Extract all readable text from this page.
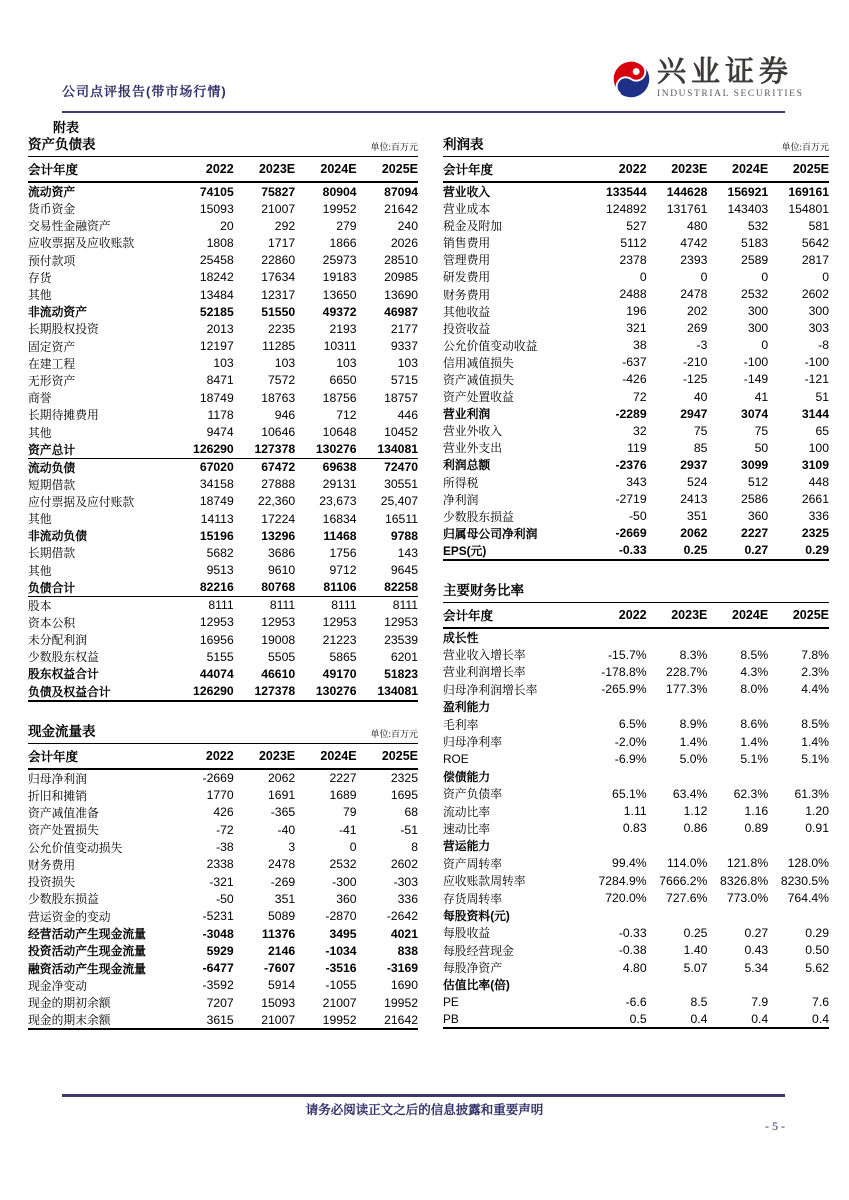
公司点评报告(带市场行情)
兴业证券
INDUSTRIAL SECURITIES
附表
资产负债表	单位:百万元
会计年度	2022	2023E	2024E	2025E
流动资产	74105	75827	80904	87094
货币资金	15093	21007	19952	21642
交易性金融资产	20	292	279	240
应收票据及应收账款	1808	1717	1866	2026
预付款项	25458	22860	25973	28510
存货	18242	17634	19183	20985
其他	13484	12317	13650	13690
非流动资产	52185	51550	49372	46987
长期股权投资	2013	2235	2193	2177
固定资产	12197	11285	10311	9337
在建工程	103	103	103	103
无形资产	8471	7572	6650	5715
商誉	18749	18763	18756	18757
长期待摊费用	1178	946	712	446
其他	9474	10646	10648	10452
资产总计	126290	127378	130276	134081
流动负债	67020	67472	69638	72470
短期借款	34158	27888	29131	30551
应付票据及应付账款	18749	22,360	23,673	25,407
其他	14113	17224	16834	16511
非流动负债	15196	13296	11468	9788
长期借款	5682	3686	1756	143
其他	9513	9610	9712	9645
负债合计	82216	80768	81106	82258
股本	8111	8111	8111	8111
资本公积	12953	12953	12953	12953
未分配利润	16956	19008	21223	23539
少数股东权益	5155	5505	5865	6201
股东权益合计	44074	46610	49170	51823
负债及权益合计	126290	127378	130276	134081
现金流量表	单位:百万元
会计年度	2022	2023E	2024E	2025E
归母净利润	-2669	2062	2227	2325
折旧和摊销	1770	1691	1689	1695
资产减值准备	426	-365	79	68
资产处置损失	-72	-40	-41	-51
公允价值变动损失	-38	3	0	8
财务费用	2338	2478	2532	2602
投资损失	-321	-269	-300	-303
少数股东损益	-50	351	360	336
营运资金的变动	-5231	5089	-2870	-2642
经营活动产生现金流量	-3048	11376	3495	4021
投资活动产生现金流量	5929	2146	-1034	838
融资活动产生现金流量	-6477	-7607	-3516	-3169
现金净变动	-3592	5914	-1055	1690
现金的期初余额	7207	15093	21007	19952
现金的期末余额	3615	21007	19952	21642
利润表	单位:百万元
会计年度	2022	2023E	2024E	2025E
营业收入	133544	144628	156921	169161
营业成本	124892	131761	143403	154801
税金及附加	527	480	532	581
销售费用	5112	4742	5183	5642
管理费用	2378	2393	2589	2817
研发费用	0	0	0	0
财务费用	2488	2478	2532	2602
其他收益	196	202	300	300
投资收益	321	269	300	303
公允价值变动收益	38	-3	0	-8
信用减值损失	-637	-210	-100	-100
资产减值损失	-426	-125	-149	-121
资产处置收益	72	40	41	51
营业利润	-2289	2947	3074	3144
营业外收入	32	75	75	65
营业外支出	119	85	50	100
利润总额	-2376	2937	3099	3109
所得税	343	524	512	448
净利润	-2719	2413	2586	2661
少数股东损益	-50	351	360	336
归属母公司净利润	-2669	2062	2227	2325
EPS(元)	-0.33	0.25	0.27	0.29
主要财务比率
会计年度	2022	2023E	2024E	2025E
成长性				
营业收入增长率	-15.7%	8.3%	8.5%	7.8%
营业利润增长率	-178.8%	228.7%	4.3%	2.3%
归母净利润增长率	-265.9%	177.3%	8.0%	4.4%
盈利能力				
毛利率	6.5%	8.9%	8.6%	8.5%
归母净利率	-2.0%	1.4%	1.4%	1.4%
ROE	-6.9%	5.0%	5.1%	5.1%
偿债能力				
资产负债率	65.1%	63.4%	62.3%	61.3%
流动比率	1.11	1.12	1.16	1.20
速动比率	0.83	0.86	0.89	0.91
营运能力				
资产周转率	99.4%	114.0%	121.8%	128.0%
应收账款周转率	7284.9%	7666.2%	8326.8%	8230.5%
存货周转率	720.0%	727.6%	773.0%	764.4%
每股资料(元)				
每股收益	-0.33	0.25	0.27	0.29
每股经营现金	-0.38	1.40	0.43	0.50
每股净资产	4.80	5.07	5.34	5.62
估值比率(倍)				
PE	-6.6	8.5	7.9	7.6
PB	0.5	0.4	0.4	0.4
请务必阅读正文之后的信息披露和重要声明
- 5 -
